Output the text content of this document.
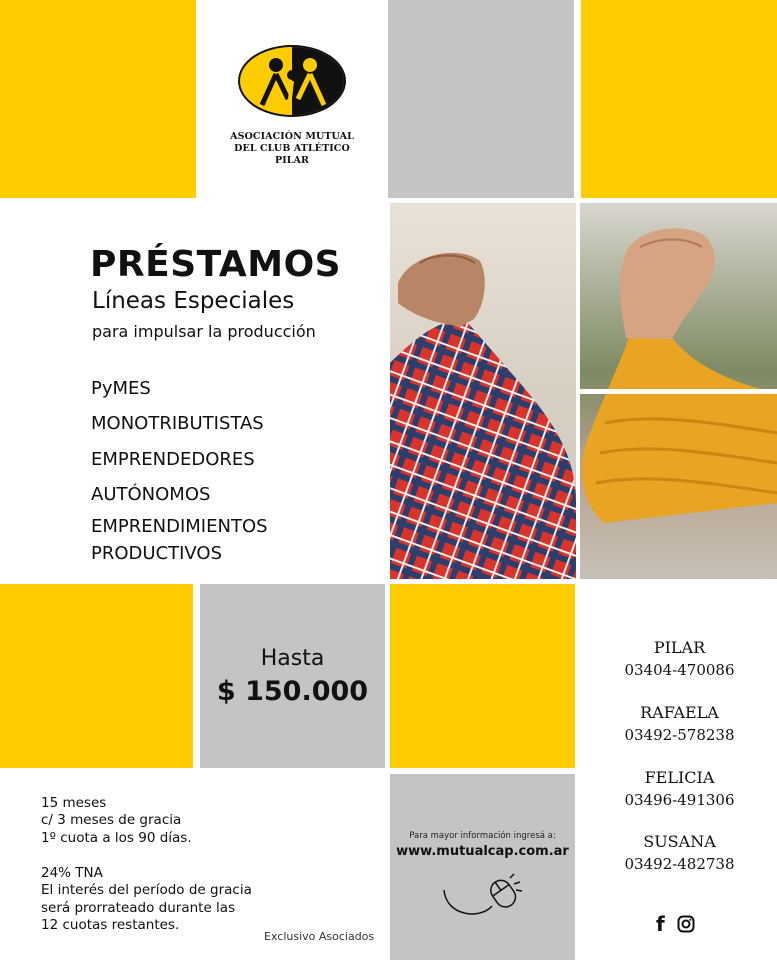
ASOCIACIÓN MUTUAL
DEL CLUB ATLÉTICO PILAR
PRÉSTAMOS
Líneas Especiales
para impulsar la producción
PyMES
MONOTRIBUTISTAS
EMPRENDEDORES
AUTÓNOMOS
EMPRENDIMIENTOS
PRODUCTIVOS
Hasta
$ 150.000
15 meses
c/ 3 meses de gracia
1º cuota a los 90 días.
24% TNA
El interés del período de gracia
será prorrateado durante las
12 cuotas restantes.
Exclusivo Asociados
Para mayor información ingresá a:
www.mutualcap.com.ar
PILAR
03404-470086
RAFAELA
03492-578238
FELICIA
03496-491306
SUSANA
03492-482738
f
